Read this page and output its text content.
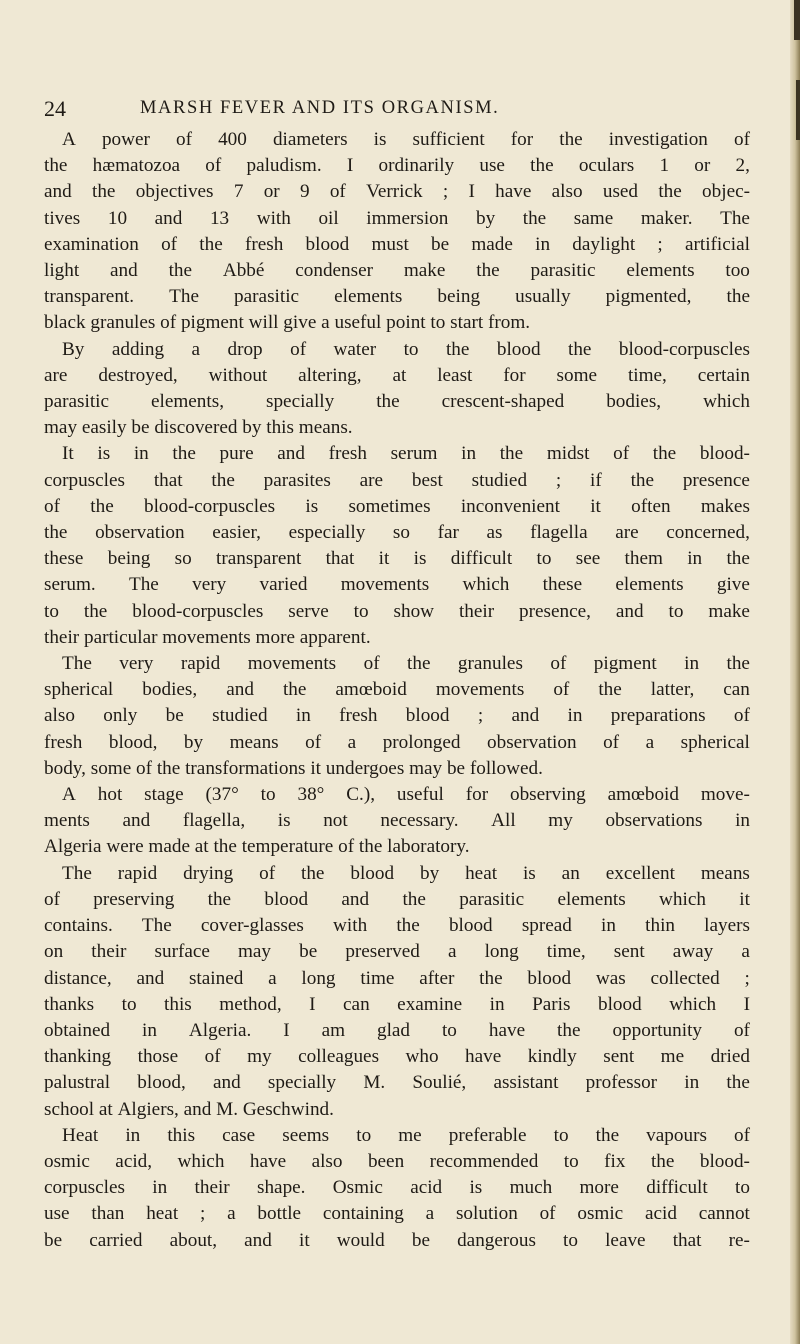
24	MARSH FEVER AND ITS ORGANISM.
A power of 400 diameters is sufficient for the investigation of
the hæmatozoa of paludism. I ordinarily use the oculars 1 or 2,
and the objectives 7 or 9 of Verrick ; I have also used the objec-
tives 10 and 13 with oil immersion by the same maker. The
examination of the fresh blood must be made in daylight ; artificial
light and the Abbé condenser make the parasitic elements too
transparent. The parasitic elements being usually pigmented, the
black granules of pigment will give a useful point to start from.
By adding a drop of water to the blood the blood-corpuscles
are destroyed, without altering, at least for some time, certain
parasitic elements, specially the crescent-shaped bodies, which
may easily be discovered by this means.
It is in the pure and fresh serum in the midst of the blood-
corpuscles that the parasites are best studied ; if the presence
of the blood-corpuscles is sometimes inconvenient it often makes
the observation easier, especially so far as flagella are concerned,
these being so transparent that it is difficult to see them in the
serum. The very varied movements which these elements give
to the blood-corpuscles serve to show their presence, and to make
their particular movements more apparent.
The very rapid movements of the granules of pigment in the
spherical bodies, and the amœboid movements of the latter, can
also only be studied in fresh blood ; and in preparations of
fresh blood, by means of a prolonged observation of a spherical
body, some of the transformations it undergoes may be followed.
A hot stage (37° to 38° C.), useful for observing amœboid move-
ments and flagella, is not necessary. All my observations in
Algeria were made at the temperature of the laboratory.
The rapid drying of the blood by heat is an excellent means
of preserving the blood and the parasitic elements which it
contains. The cover-glasses with the blood spread in thin layers
on their surface may be preserved a long time, sent away a
distance, and stained a long time after the blood was collected ;
thanks to this method, I can examine in Paris blood which I
obtained in Algeria. I am glad to have the opportunity of
thanking those of my colleagues who have kindly sent me dried
palustral blood, and specially M. Soulié, assistant professor in the
school at Algiers, and M. Geschwind.
Heat in this case seems to me preferable to the vapours of
osmic acid, which have also been recommended to fix the blood-
corpuscles in their shape. Osmic acid is much more difficult to
use than heat ; a bottle containing a solution of osmic acid cannot
be carried about, and it would be dangerous to leave that re-
